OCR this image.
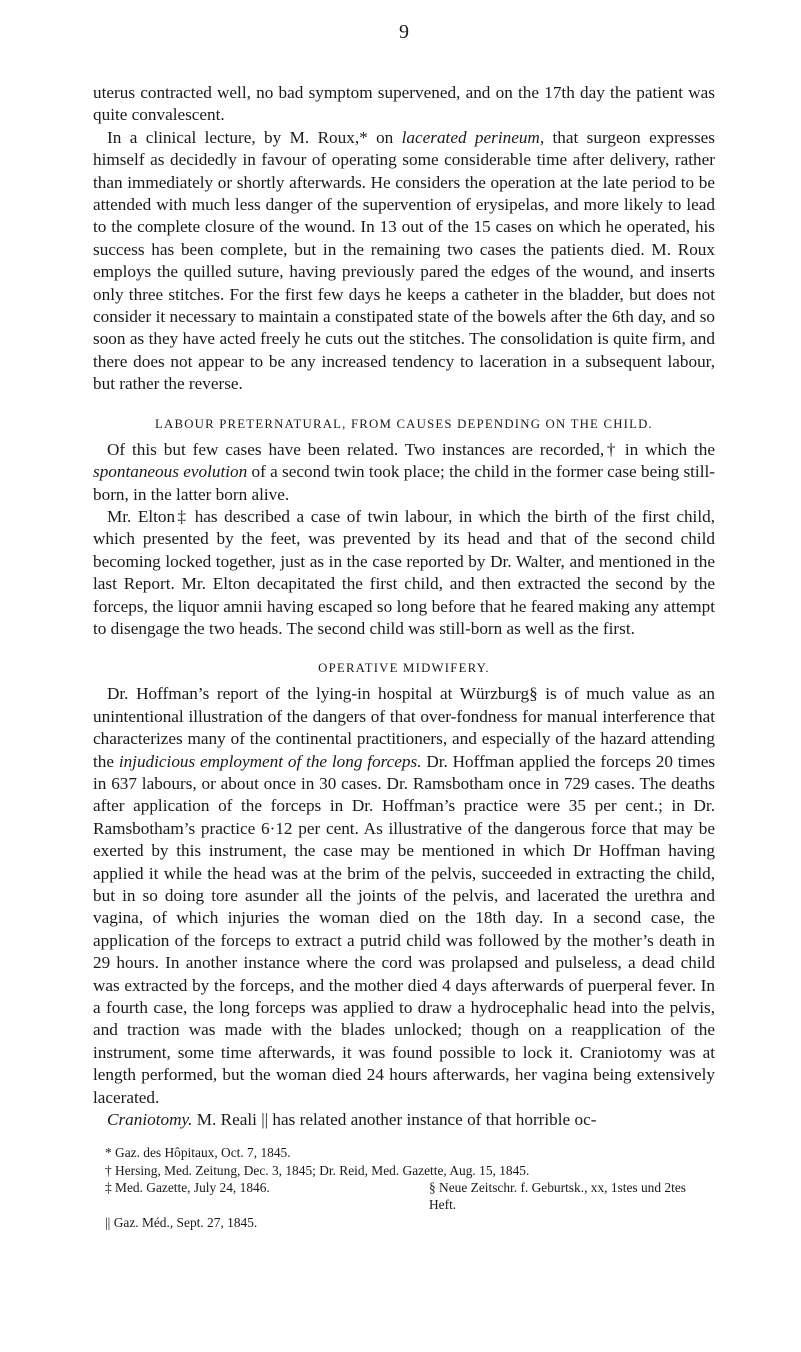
9

uterus contracted well, no bad symptom supervened, and on the 17th day the patient was quite convalescent.

In a clinical lecture, by M. Roux,* on lacerated perineum, that surgeon expresses himself as decidedly in favour of operating some considerable time after delivery, rather than immediately or shortly afterwards. He considers the operation at the late period to be attended with much less danger of the supervention of erysipelas, and more likely to lead to the complete closure of the wound. In 13 out of the 15 cases on which he operated, his success has been complete, but in the remaining two cases the patients died. M. Roux employs the quilled suture, having previously pared the edges of the wound, and inserts only three stitches. For the first few days he keeps a catheter in the bladder, but does not consider it necessary to maintain a constipated state of the bowels after the 6th day, and so soon as they have acted freely he cuts out the stitches. The consolidation is quite firm, and there does not appear to be any increased tendency to laceration in a subsequent labour, but rather the reverse.

LABOUR PRETERNATURAL, FROM CAUSES DEPENDING ON THE CHILD.

Of this but few cases have been related. Two instances are recorded,† in which the spontaneous evolution of a second twin took place; the child in the former case being still-born, in the latter born alive.

Mr. Elton‡ has described a case of twin labour, in which the birth of the first child, which presented by the feet, was prevented by its head and that of the second child becoming locked together, just as in the case reported by Dr. Walter, and mentioned in the last Report. Mr. Elton decapitated the first child, and then extracted the second by the forceps, the liquor amnii having escaped so long before that he feared making any attempt to disengage the two heads. The second child was still-born as well as the first.

OPERATIVE MIDWIFERY.

Dr. Hoffman’s report of the lying-in hospital at Würzburg§ is of much value as an unintentional illustration of the dangers of that over-fondness for manual interference that characterizes many of the continental practitioners, and especially of the hazard attending the injudicious employment of the long forceps. Dr. Hoffman applied the forceps 20 times in 637 labours, or about once in 30 cases. Dr. Ramsbotham once in 729 cases. The deaths after application of the forceps in Dr. Hoffman’s practice were 35 per cent.; in Dr. Ramsbotham’s practice 6·12 per cent. As illustrative of the dangerous force that may be exerted by this instrument, the case may be mentioned in which Dr Hoffman having applied it while the head was at the brim of the pelvis, succeeded in extracting the child, but in so doing tore asunder all the joints of the pelvis, and lacerated the urethra and vagina, of which injuries the woman died on the 18th day. In a second case, the application of the forceps to extract a putrid child was followed by the mother’s death in 29 hours. In another instance where the cord was prolapsed and pulseless, a dead child was extracted by the forceps, and the mother died 4 days afterwards of puerperal fever. In a fourth case, the long forceps was applied to draw a hydrocephalic head into the pelvis, and traction was made with the blades unlocked; though on a reapplication of the instrument, some time afterwards, it was found possible to lock it. Craniotomy was at length performed, but the woman died 24 hours afterwards, her vagina being extensively lacerated.

Craniotomy. M. Reali || has related another instance of that horrible oc-

* Gaz. des Hôpitaux, Oct. 7, 1845.
† Hersing, Med. Zeitung, Dec. 3, 1845; Dr. Reid, Med. Gazette, Aug. 15, 1845.
‡ Med. Gazette, July 24, 1846.	§ Neue Zeitschr. f. Geburtsk., xx, 1stes und 2tes Heft.
|| Gaz. Méd., Sept. 27, 1845.
